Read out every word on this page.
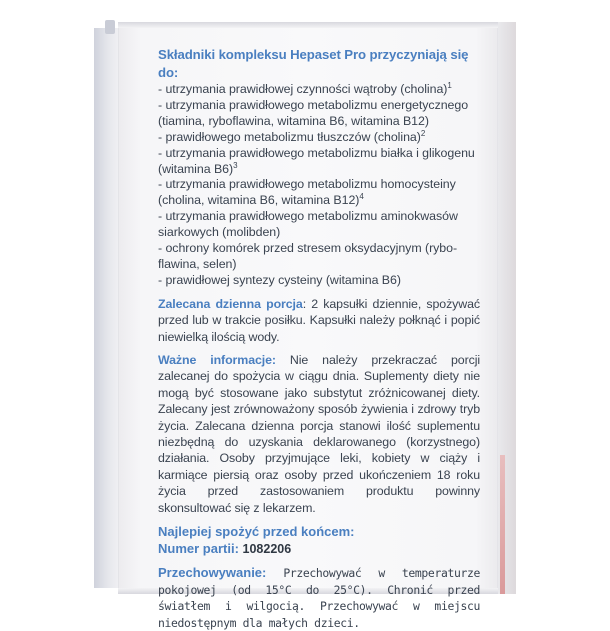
Składniki kompleksu Hepaset Pro przyczyniają się do:

- utrzymania prawidłowej czynności wątroby (cholina)$^1$
- utrzymania prawidłowego metabolizmu energetycznego
(tiamina, ryboflawina, witamina B6, witamina B12)
- prawidłowego metabolizmu tłuszczów (cholina)$^2$
- utrzymania prawidłowego metabolizmu białka i glikogenu
(witamina B6)$^3$
- utrzymania prawidłowego metabolizmu homocysteiny
(cholina, witamina B6, witamina B12)$^4$
- utrzymania prawidłowego metabolizmu aminokwasów
siarkowych (molibden)
- ochrony komórek przed stresem oksydacyjnym (rybo-
flawina, selen)
- prawidłowej syntezy cysteiny (witamina B6)

Zalecana dzienna porcja: 2 kapsułki dziennie, spożywać przed lub w trakcie posiłku. Kapsułki należy połknąć i popić niewielką ilością wody.

Ważne informacje: Nie należy przekraczać porcji zalecanej do spożycia w ciągu dnia. Suplementy diety nie mogą być stosowane jako substytut zróżnicowanej diety. Zalecany jest zrównoważony sposób żywienia i zdrowy tryb życia. Zalecana dzienna porcja stanowi ilość suplementu niezbędną do uzyskania deklarowanego (korzystnego) działania. Osoby przyjmujące leki, kobiety w ciąży i karmiące piersią oraz osoby przed ukończeniem 18 roku życia przed zastosowaniem produktu powinny skonsultować się z lekarzem.

Najlepiej spożyć przed końcem:
Numer partii: 1082206

Przechowywanie: Przechowywać w temperaturze pokojowej (od 15°C do 25°C). Chronić przed światłem i wilgocią. Przechowywać w miejscu niedostępnym dla małych dzieci.
